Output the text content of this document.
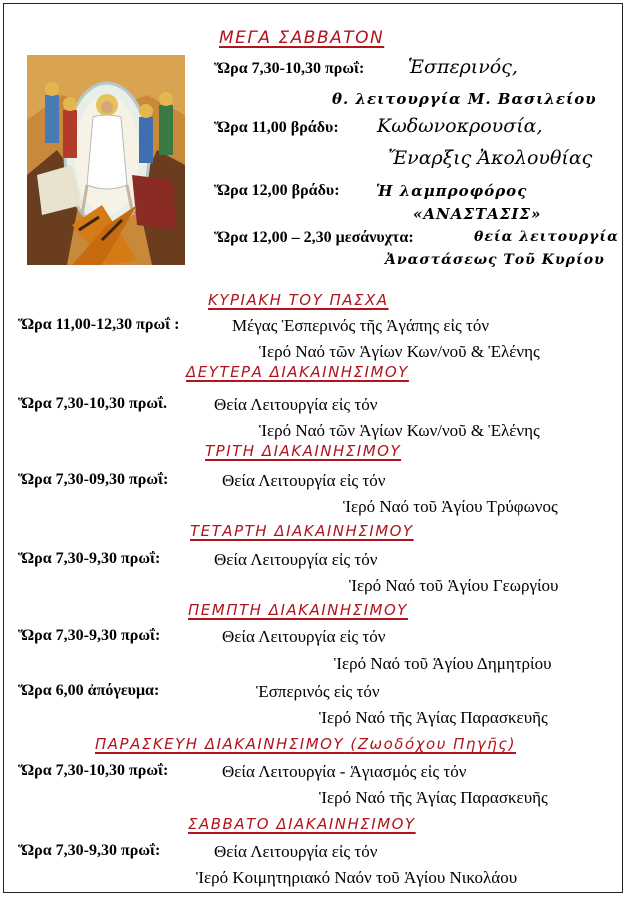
ΜΕΓΑ ΣΑΒΒΑΤΟΝ
Ὥρα 7,30-10,30 πρωΐ: Ἑσπερινός,
θ. λειτουργία Μ. Βασιλείου
Ὥρα 11,00 βράδυ: Κωδωνοκρουσία,
Ἔναρξις Ἀκολουθίας
Ὥρα 12,00 βράδυ: Ἡ λαμπροφόρος
«ΑΝΑΣΤΑΣΙΣ»
Ὥρα 12,00 – 2,30 μεσάνυχτα:	θεία λειτουργία
Ἀναστάσεως Τοῦ Κυρίου
ΚΥΡΙΑΚΗ ΤΟΥ ΠΑΣΧΑ
Ὥρα 11,00-12,30 πρωΐ :	Μέγας Ἑσπερινός τῆς Ἀγάπης εἰς τόν
Ἱερό Ναό τῶν Ἁγίων Κων/νοῦ & Ἑλένης
ΔΕΥΤΕΡΑ ΔΙΑΚΑΙΝΗΣΙΜΟΥ
Ὥρα 7,30-10,30 πρωΐ.	Θεία Λειτουργία εἰς τόν
Ἱερό Ναό τῶν Ἁγίων Κων/νοῦ & Ἑλένης
ΤΡΙΤΗ ΔΙΑΚΑΙΝΗΣΙΜΟΥ
Ὥρα 7,30-09,30 πρωΐ:	Θεία Λειτουργία εἰς τόν
Ἱερό Ναό τοῦ Ἁγίου Τρύφωνος
ΤΕΤΑΡΤΗ ΔΙΑΚΑΙΝΗΣΙΜΟΥ
Ὥρα 7,30-9,30 πρωΐ:	Θεία Λειτουργία εἰς τόν
Ἱερό Ναό τοῦ Ἁγίου Γεωργίου
ΠΕΜΠΤΗ ΔΙΑΚΑΙΝΗΣΙΜΟΥ
Ὥρα 7,30-9,30 πρωΐ:	Θεία Λειτουργία εἰς τόν
Ἱερό Ναό τοῦ Ἁγίου Δημητρίου
Ὥρα 6,00 ἀπόγευμα:	Ἑσπερινός εἰς τόν
Ἱερό Ναό τῆς Ἁγίας Παρασκευῆς
ΠΑΡΑΣΚΕΥΗ ΔΙΑΚΑΙΝΗΣΙΜΟΥ (Ζωοδόχου Πηγῆς)
Ὥρα 7,30-10,30 πρωΐ:	Θεία Λειτουργία - Ἁγιασμός εἰς τόν
Ἱερό Ναό τῆς Ἁγίας Παρασκευῆς
ΣΑΒΒΑΤΟ ΔΙΑΚΑΙΝΗΣΙΜΟΥ
Ὥρα 7,30-9,30 πρωΐ:	Θεία Λειτουργία εἰς τόν
Ἱερό Κοιμητηριακό Ναόν τοῦ Ἁγίου Νικολάου
